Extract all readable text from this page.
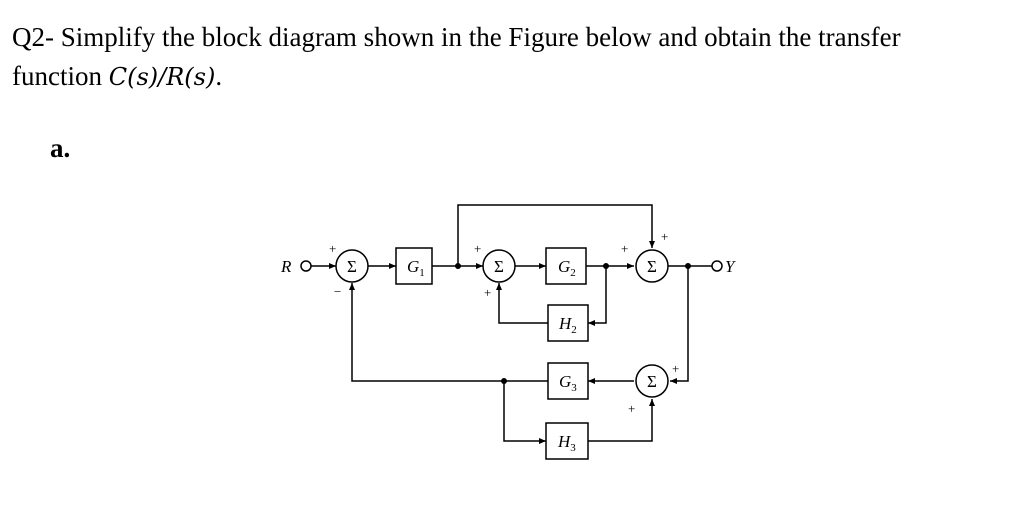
Q2- Simplify the block diagram shown in the Figure below and obtain the transfer
function C(s)/R(s).
a.
R	Y
Σ	Σ	Σ
Σ
$G_1$	$G_2$
$H_2$
$G_3$
$H_3$
+
−
+
+
+
+
+
+
